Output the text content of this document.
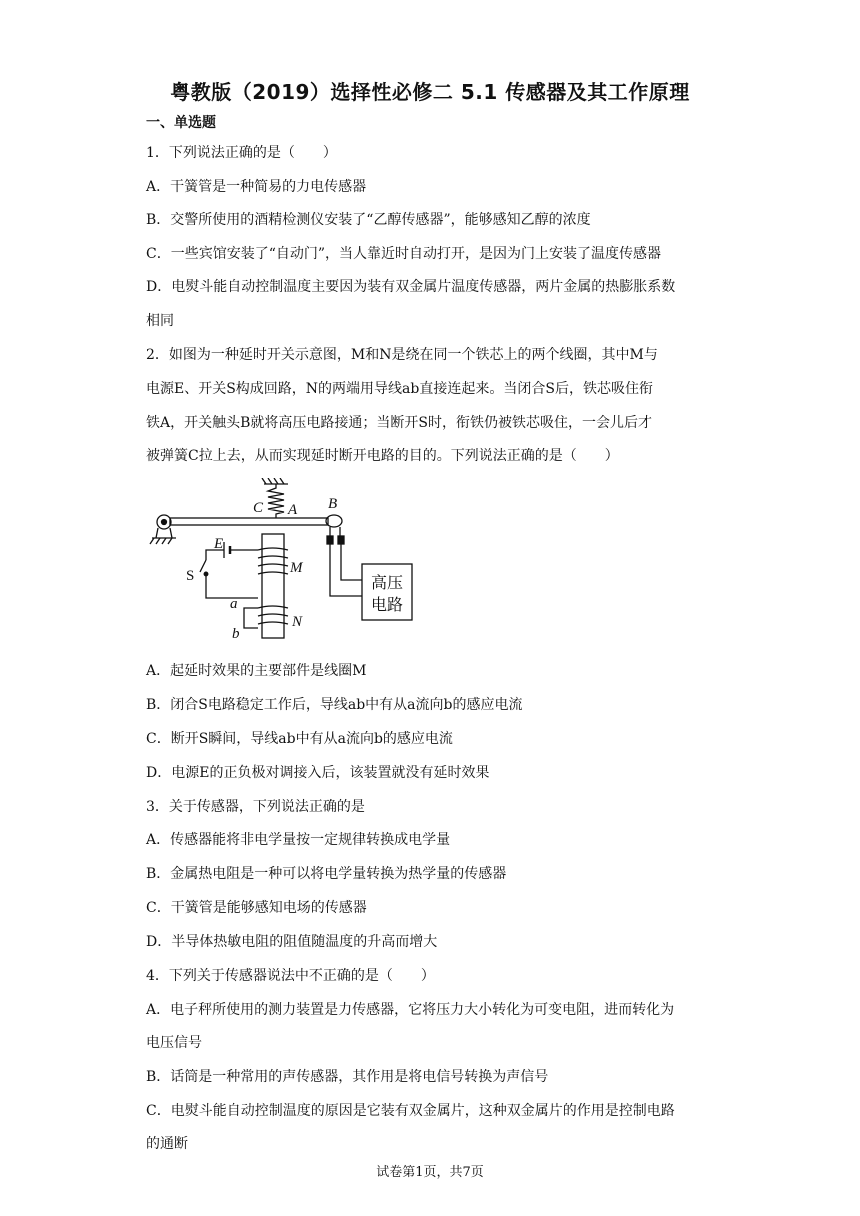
粤教版（2019）选择性必修二 5.1 传感器及其工作原理
一、单选题
1．下列说法正确的是（　　）
A．干簧管是一种简易的力电传感器
B．交警所使用的酒精检测仪安装了“乙醇传感器”，能够感知乙醇的浓度
C．一些宾馆安装了“自动门”，当人靠近时自动打开，是因为门上安装了温度传感器
D．电熨斗能自动控制温度主要因为装有双金属片温度传感器，两片金属的热膨胀系数
相同
2．如图为一种延时开关示意图，M和N是绕在同一个铁芯上的两个线圈，其中M与
电源E、开关S构成回路，N的两端用导线ab直接连起来。当闭合S后，铁芯吸住衔
铁A，开关触头B就将高压电路接通；当断开S时，衔铁仍被铁芯吸住，一会儿后才
被弹簧C拉上去，从而实现延时断开电路的目的。下列说法正确的是（　　）
C A B
E
S	M
a
b
N
高压
电路
A．起延时效果的主要部件是线圈M
B．闭合S电路稳定工作后，导线ab中有从a流向b的感应电流
C．断开S瞬间，导线ab中有从a流向b的感应电流
D．电源E的正负极对调接入后，该装置就没有延时效果
3．关于传感器，下列说法正确的是
A．传感器能将非电学量按一定规律转换成电学量
B．金属热电阻是一种可以将电学量转换为热学量的传感器
C．干簧管是能够感知电场的传感器
D．半导体热敏电阻的阻值随温度的升高而增大
4．下列关于传感器说法中不正确的是（　　）
A．电子秤所使用的测力装置是力传感器，它将压力大小转化为可变电阻，进而转化为
电压信号
B．话筒是一种常用的声传感器，其作用是将电信号转换为声信号
C．电熨斗能自动控制温度的原因是它装有双金属片，这种双金属片的作用是控制电路
的通断
试卷第1页，共7页
